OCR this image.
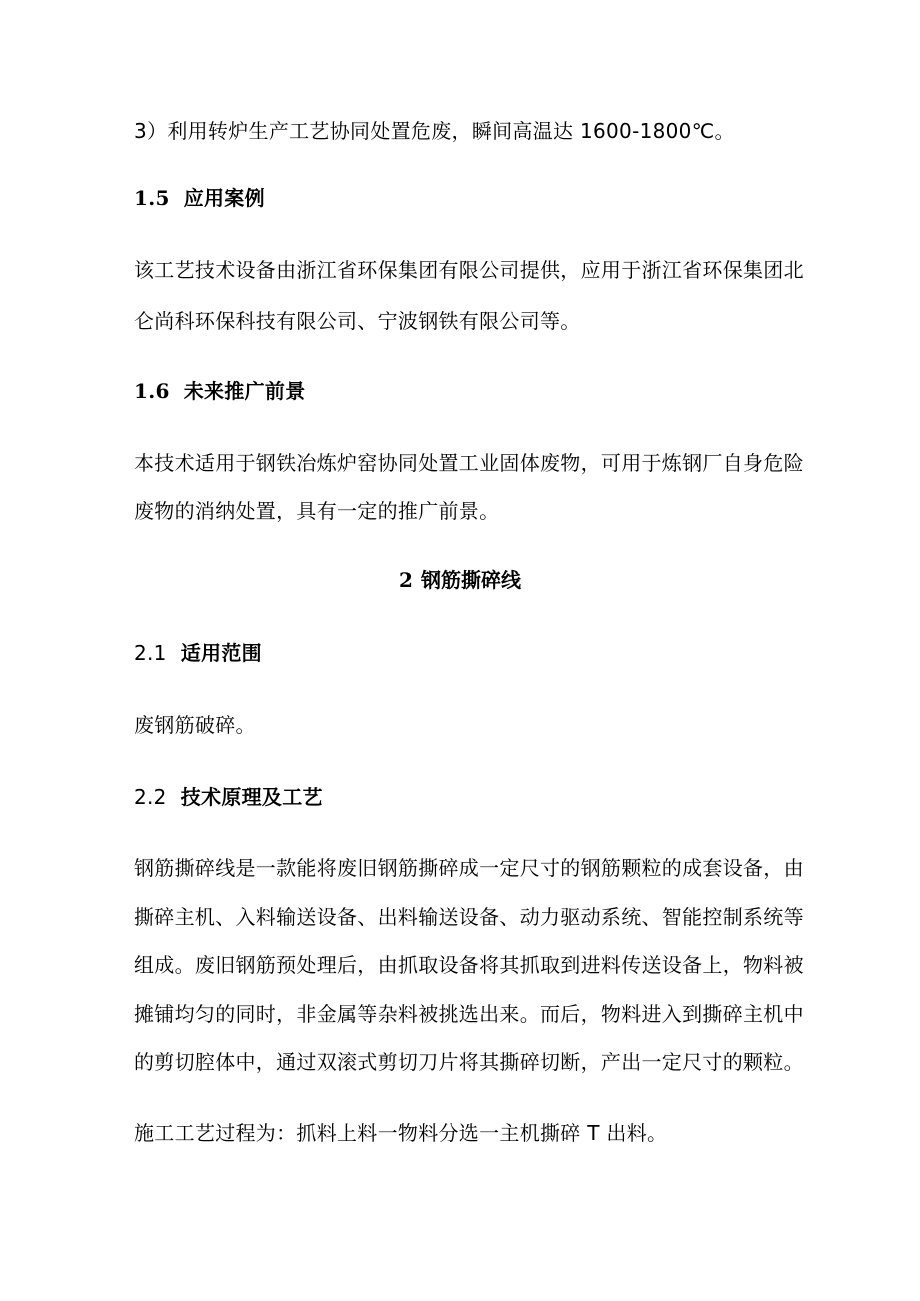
3）利用转炉生产工艺协同处置危废，瞬间高温达 1600-1800℃。
1.5 应用案例
该工艺技术设备由浙江省环保集团有限公司提供，应用于浙江省环保集团北
仑尚科环保科技有限公司、宁波钢铁有限公司等。
1.6 未来推广前景
本技术适用于钢铁冶炼炉窑协同处置工业固体废物，可用于炼钢厂自身危险
废物的消纳处置，具有一定的推广前景。
2 钢筋撕碎线
2.1 适用范围
废钢筋破碎。
2.2 技术原理及工艺
钢筋撕碎线是一款能将废旧钢筋撕碎成一定尺寸的钢筋颗粒的成套设备，由
撕碎主机、入料输送设备、出料输送设备、动力驱动系统、智能控制系统等
组成。废旧钢筋预处理后，由抓取设备将其抓取到进料传送设备上，物料被
摊铺均匀的同时，非金属等杂料被挑选出来。而后，物料进入到撕碎主机中
的剪切腔体中，通过双滚式剪切刀片将其撕碎切断，产出一定尺寸的颗粒。
施工工艺过程为：抓料上料一物料分选一主机撕碎 T 出料。
